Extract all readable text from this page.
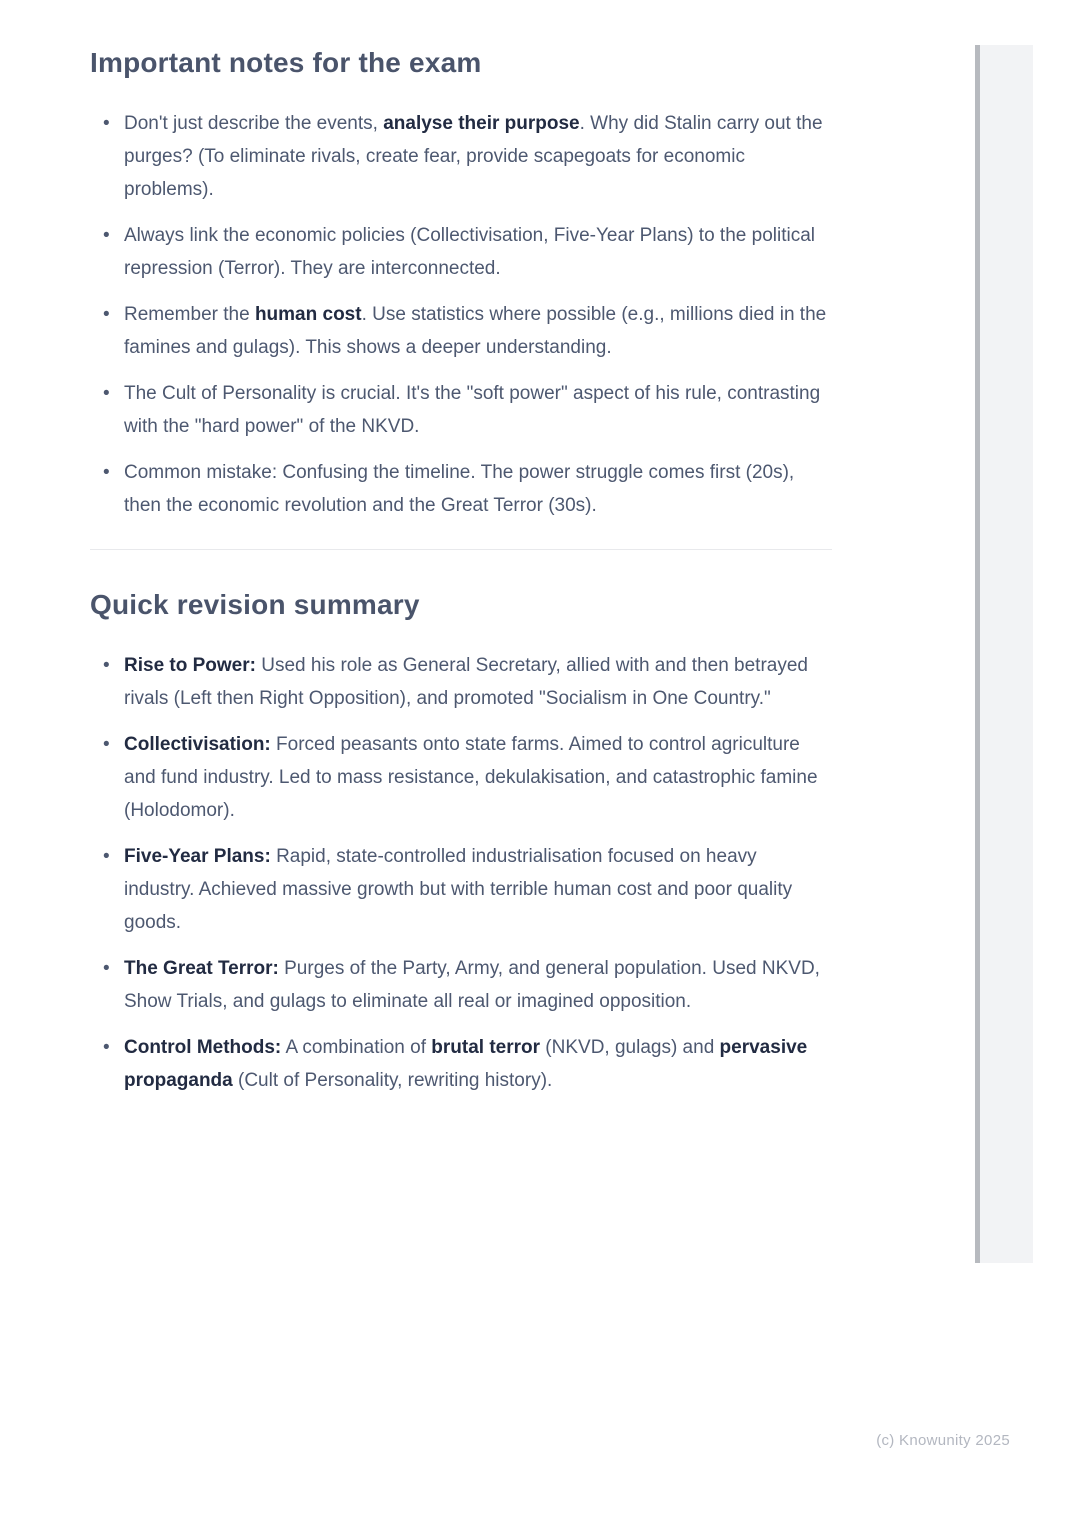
Important notes for the exam
• Don't just describe the events, analyse their purpose. Why did Stalin carry out the purges? (To eliminate rivals, create fear, provide scapegoats for economic problems).
• Always link the economic policies (Collectivisation, Five-Year Plans) to the political repression (Terror). They are interconnected.
• Remember the human cost. Use statistics where possible (e.g., millions died in the famines and gulags). This shows a deeper understanding.
• The Cult of Personality is crucial. It's the "soft power" aspect of his rule, contrasting with the "hard power" of the NKVD.
• Common mistake: Confusing the timeline. The power struggle comes first (20s), then the economic revolution and the Great Terror (30s).
Quick revision summary
• Rise to Power: Used his role as General Secretary, allied with and then betrayed rivals (Left then Right Opposition), and promoted "Socialism in One Country."
• Collectivisation: Forced peasants onto state farms. Aimed to control agriculture and fund industry. Led to mass resistance, dekulakisation, and catastrophic famine (Holodomor).
• Five-Year Plans: Rapid, state-controlled industrialisation focused on heavy industry. Achieved massive growth but with terrible human cost and poor quality goods.
• The Great Terror: Purges of the Party, Army, and general population. Used NKVD, Show Trials, and gulags to eliminate all real or imagined opposition.
• Control Methods: A combination of brutal terror (NKVD, gulags) and pervasive propaganda (Cult of Personality, rewriting history).
(c) Knowunity 2025
